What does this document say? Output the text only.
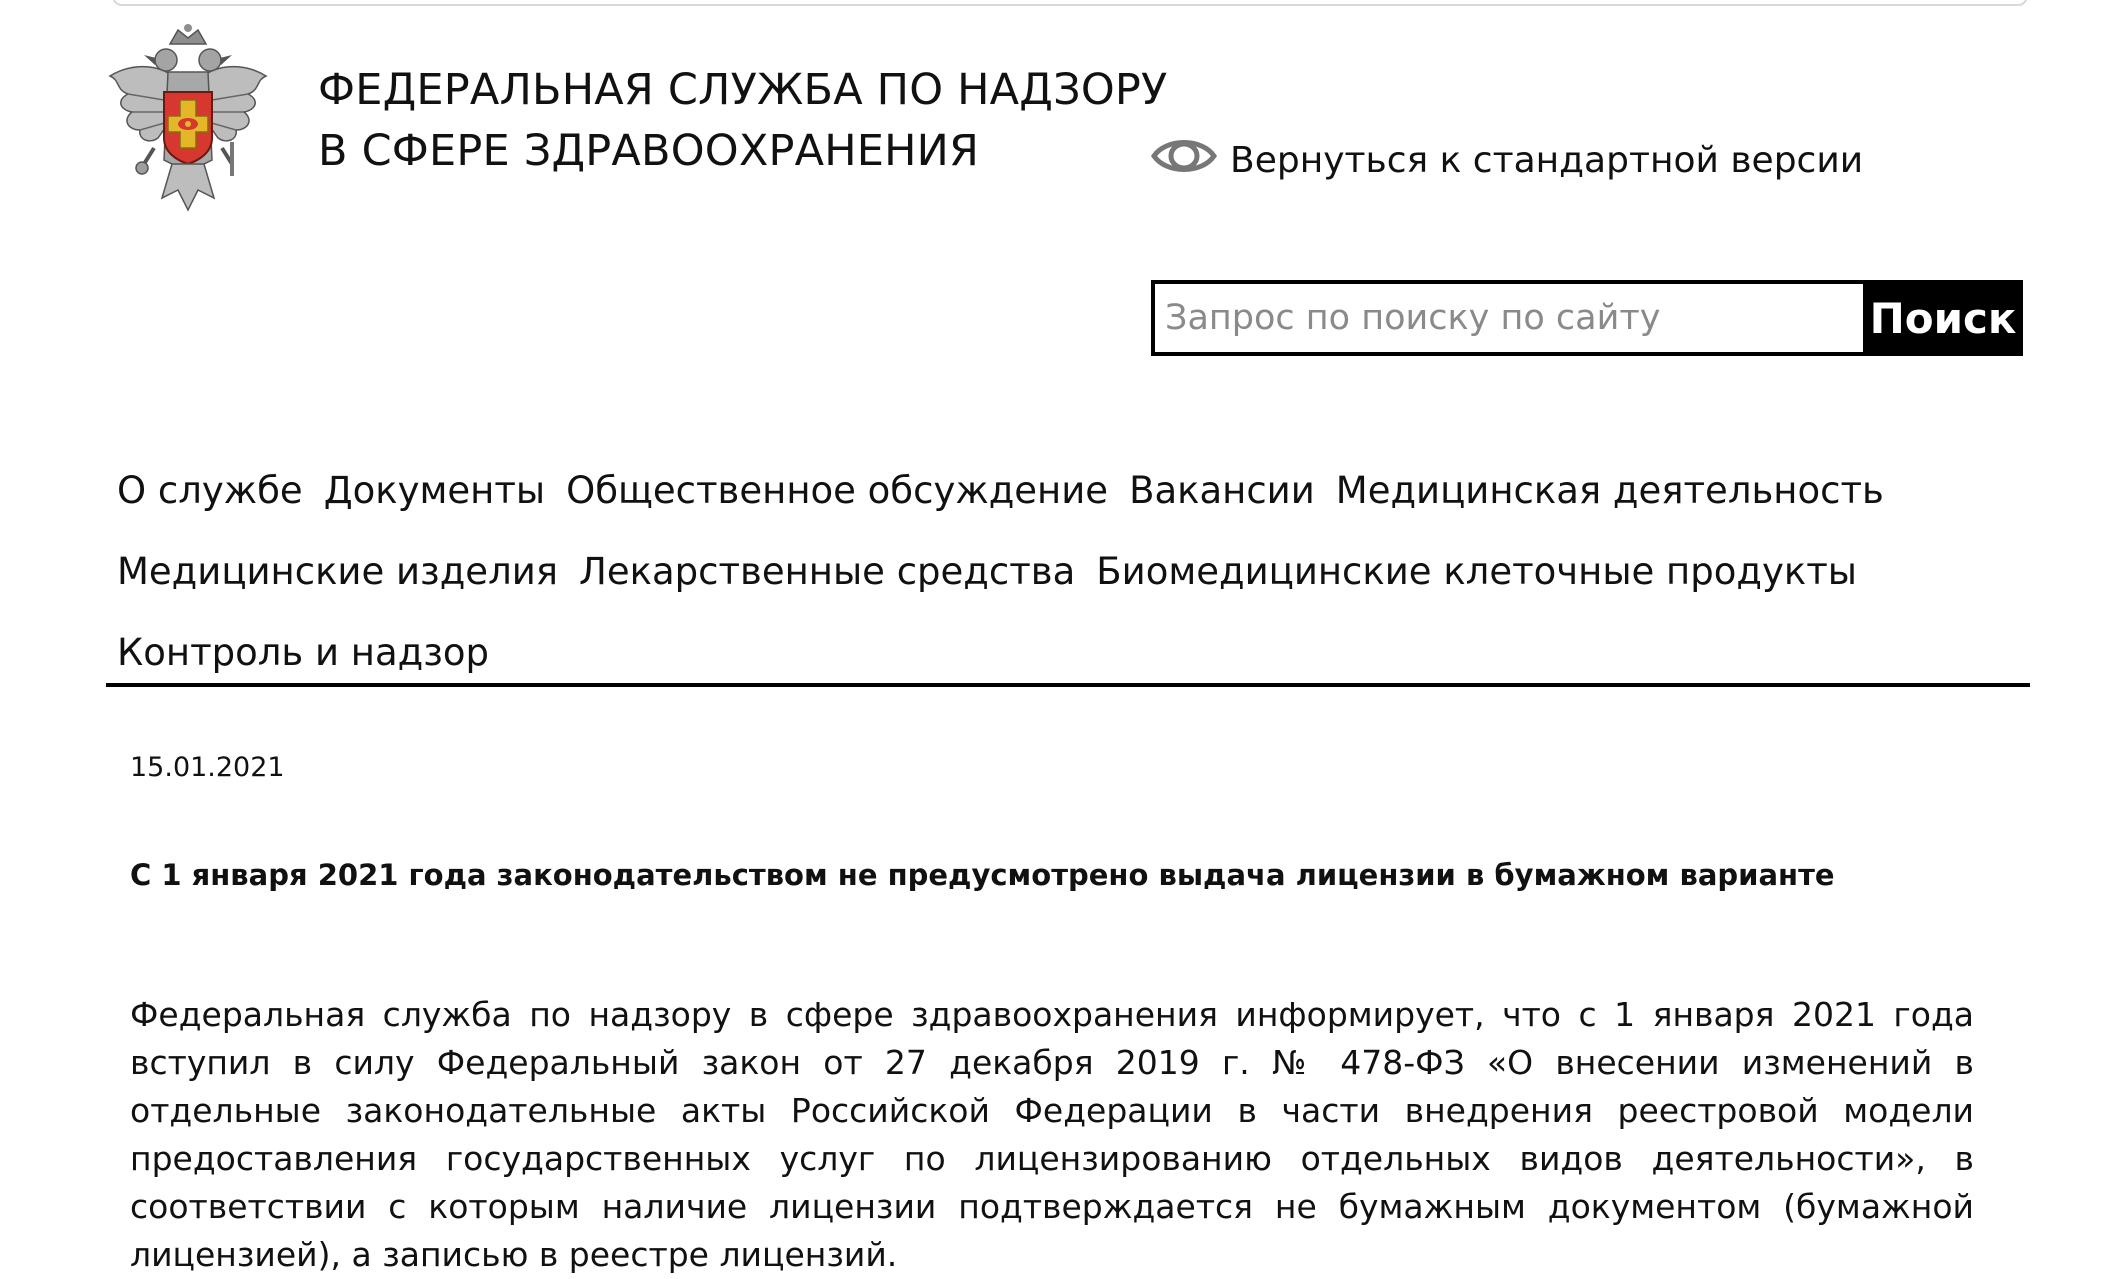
ФЕДЕРАЛЬНАЯ СЛУЖБА ПО НАДЗОРУ
В СФЕРЕ ЗДРАВООХРАНЕНИЯ	Вернуться к стандартной версии
Запрос по поиску по сайту
Поиск
О службе Документы Общественное обсуждение Вакансии Медицинская деятельность
Медицинские изделия Лекарственные средства Биомедицинские клеточные продукты
Контроль и надзор
15.01.2021
С 1 января 2021 года законодательством не предусмотрено выдача лицензии в бумажном варианте

Федеральная служба по надзору в сфере здравоохранения информирует, что с 1 января 2021 года вступил в силу Федеральный закон от 27 декабря 2019 г. № 478-ФЗ «О внесении изменений в отдельные законодательные акты Российской Федерации в части внедрения реестровой модели предоставления государственных услуг по лицензированию отдельных видов деятельности», в соответствии с которым наличие лицензии подтверждается не бумажным документом (бумажной лицензией), а записью в реестре лицензий.
